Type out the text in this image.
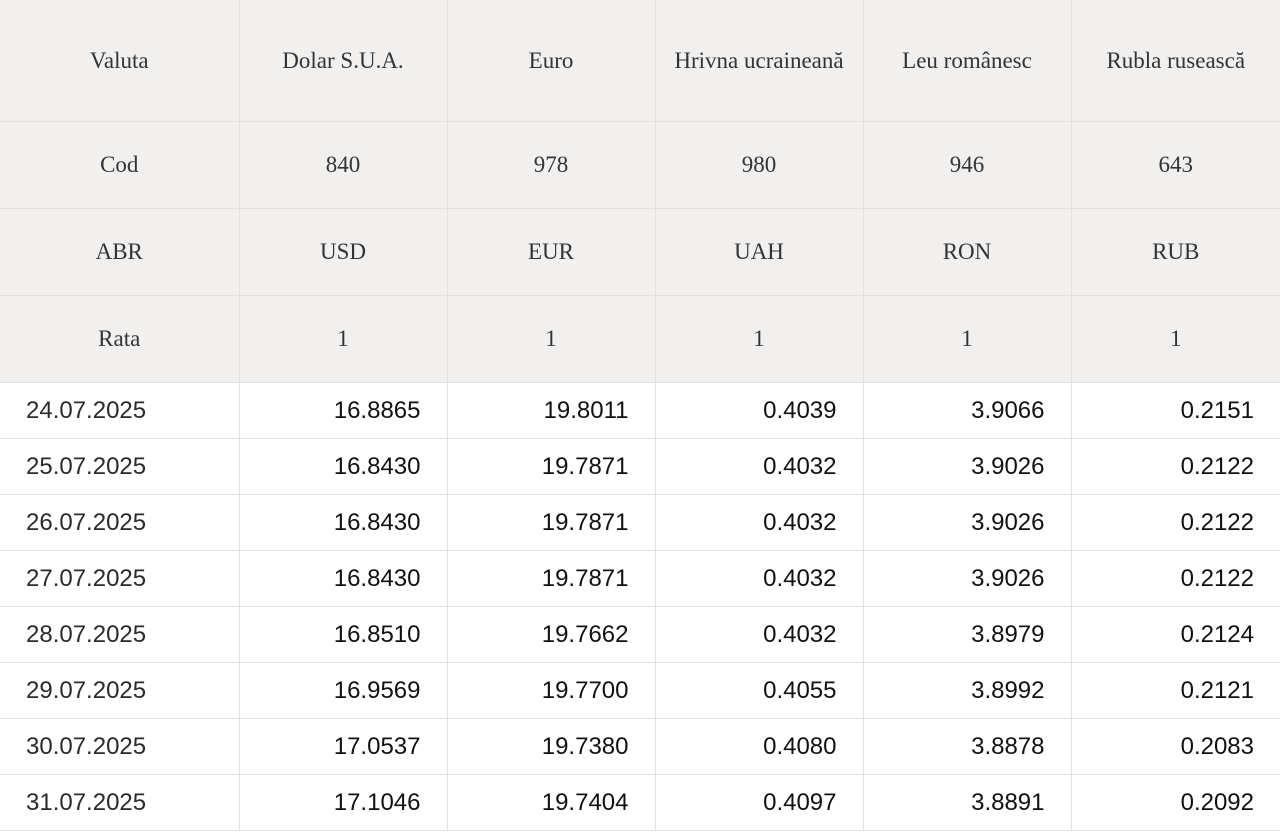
Valuta	Dolar S.U.A.	Euro	Hrivna ucraineană	Leu românesc	Rubla rusească
Cod	840	978	980	946	643
ABR	USD	EUR	UAH	RON	RUB
Rata	1	1	1	1	1
24.07.2025	16.8865	19.8011	0.4039	3.9066	0.2151
25.07.2025	16.8430	19.7871	0.4032	3.9026	0.2122
26.07.2025	16.8430	19.7871	0.4032	3.9026	0.2122
27.07.2025	16.8430	19.7871	0.4032	3.9026	0.2122
28.07.2025	16.8510	19.7662	0.4032	3.8979	0.2124
29.07.2025	16.9569	19.7700	0.4055	3.8992	0.2121
30.07.2025	17.0537	19.7380	0.4080	3.8878	0.2083
31.07.2025	17.1046	19.7404	0.4097	3.8891	0.2092
